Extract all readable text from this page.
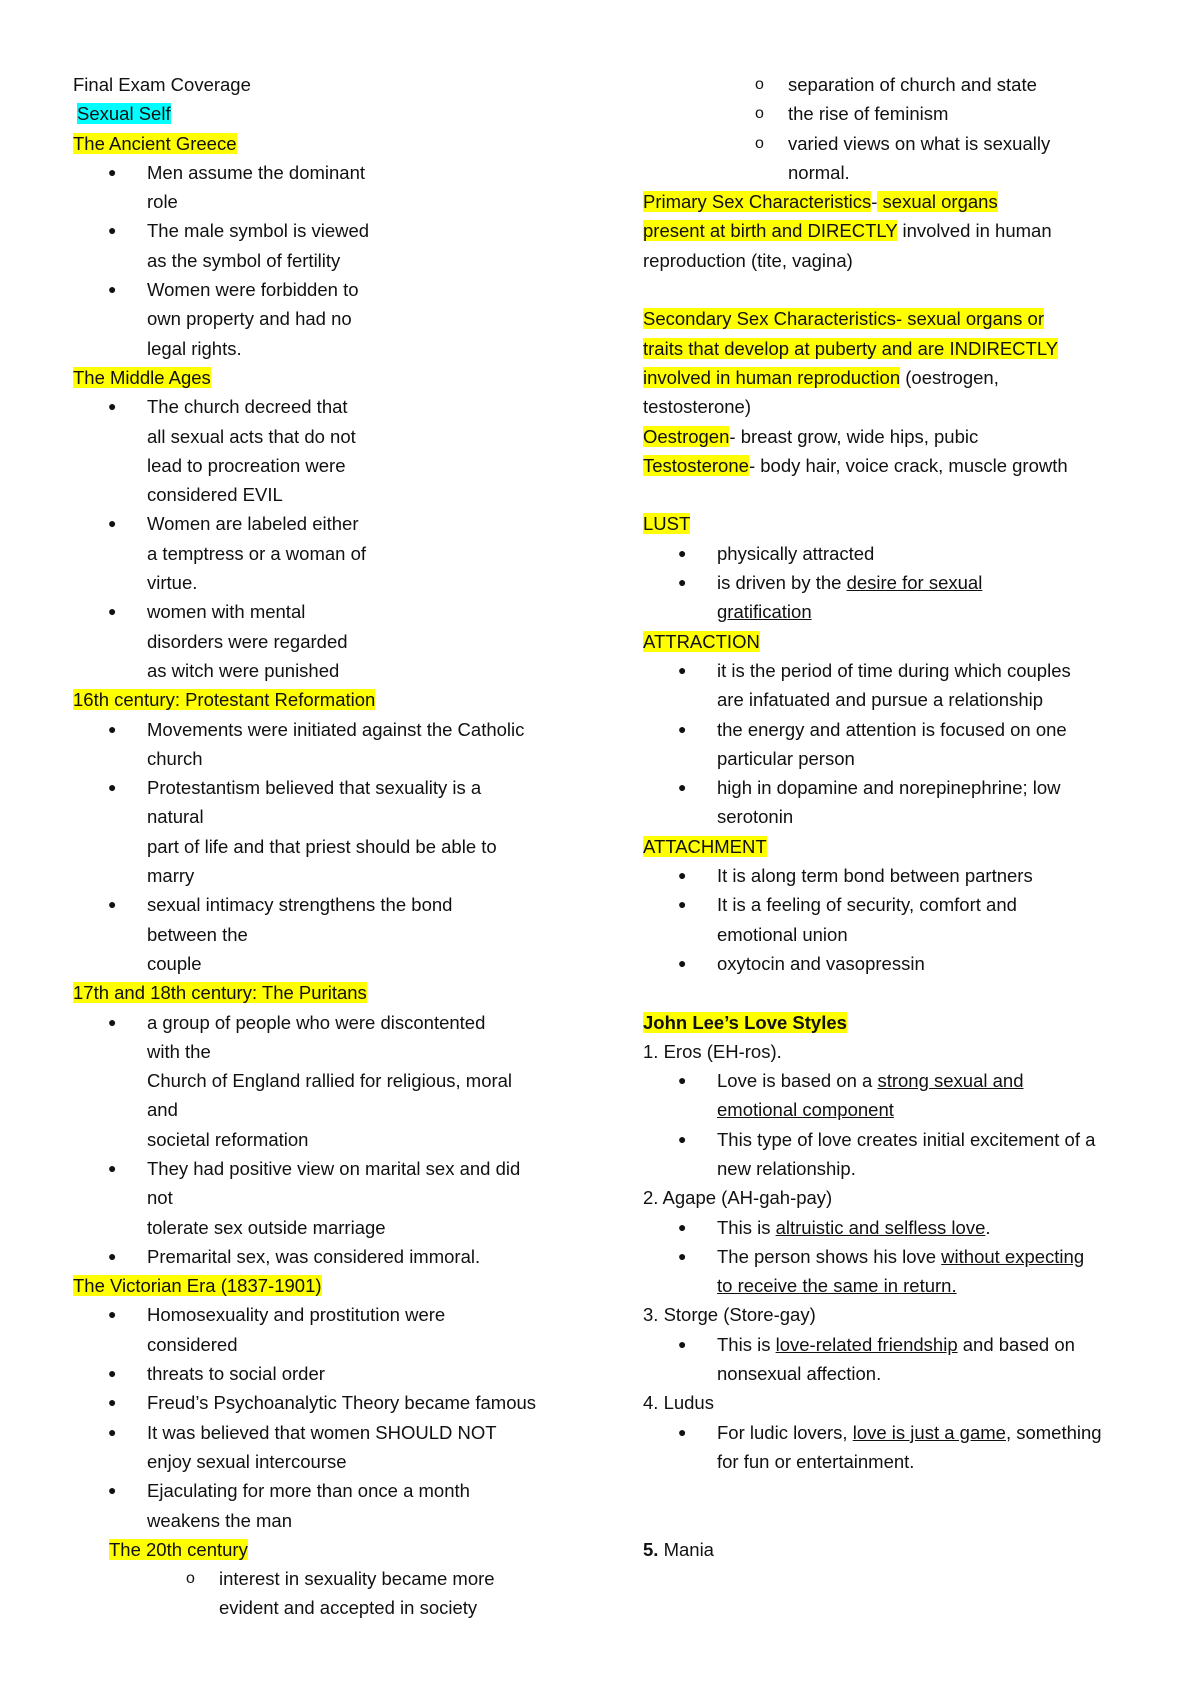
Final Exam Coverage
Sexual Self
The Ancient Greece
● Men assume the dominant
role
● The male symbol is viewed
as the symbol of fertility
● Women were forbidden to
own property and had no
legal rights.
The Middle Ages
● The church decreed that
all sexual acts that do not
lead to procreation were
considered EVIL
● Women are labeled either
a temptress or a woman of
virtue.
● women with mental
disorders were regarded
as witch were punished
16th century: Protestant Reformation
● Movements were initiated against the Catholic
church
● Protestantism believed that sexuality is a
natural
part of life and that priest should be able to
marry
● sexual intimacy strengthens the bond
between the
couple
17th and 18th century: The Puritans
● a group of people who were discontented
with the
Church of England rallied for religious, moral
and
societal reformation
● They had positive view on marital sex and did
not
tolerate sex outside marriage
● Premarital sex, was considered immoral.
The Victorian Era (1837-1901)
● Homosexuality and prostitution were
considered
● threats to social order
● Freud’s Psychoanalytic Theory became famous
● It was believed that women SHOULD NOT
enjoy sexual intercourse
● Ejaculating for more than once a month
weakens the man
The 20th century
o interest in sexuality became more
evident and accepted in society
o separation of church and state
o the rise of feminism
o varied views on what is sexually
normal.
Primary Sex Characteristics- sexual organs
present at birth and DIRECTLY involved in human
reproduction (tite, vagina)
Secondary Sex Characteristics- sexual organs or
traits that develop at puberty and are INDIRECTLY
involved in human reproduction (oestrogen,
testosterone)
Oestrogen- breast grow, wide hips, pubic
Testosterone- body hair, voice crack, muscle growth
LUST
● physically attracted
● is driven by the desire for sexual
gratification
ATTRACTION
● it is the period of time during which couples
are infatuated and pursue a relationship
● the energy and attention is focused on one
particular person
● high in dopamine and norepinephrine; low
serotonin
ATTACHMENT
● It is along term bond between partners
● It is a feeling of security, comfort and
emotional union
● oxytocin and vasopressin
John Lee’s Love Styles
1. Eros (EH-ros).
● Love is based on a strong sexual and
emotional component
● This type of love creates initial excitement of a
new relationship.
2. Agape (AH-gah-pay)
● This is altruistic and selfless love.
● The person shows his love without expecting
to receive the same in return.
3. Storge (Store-gay)
● This is love-related friendship and based on
nonsexual affection.
4. Ludus
● For ludic lovers, love is just a game, something
for fun or entertainment.
5. Mania
